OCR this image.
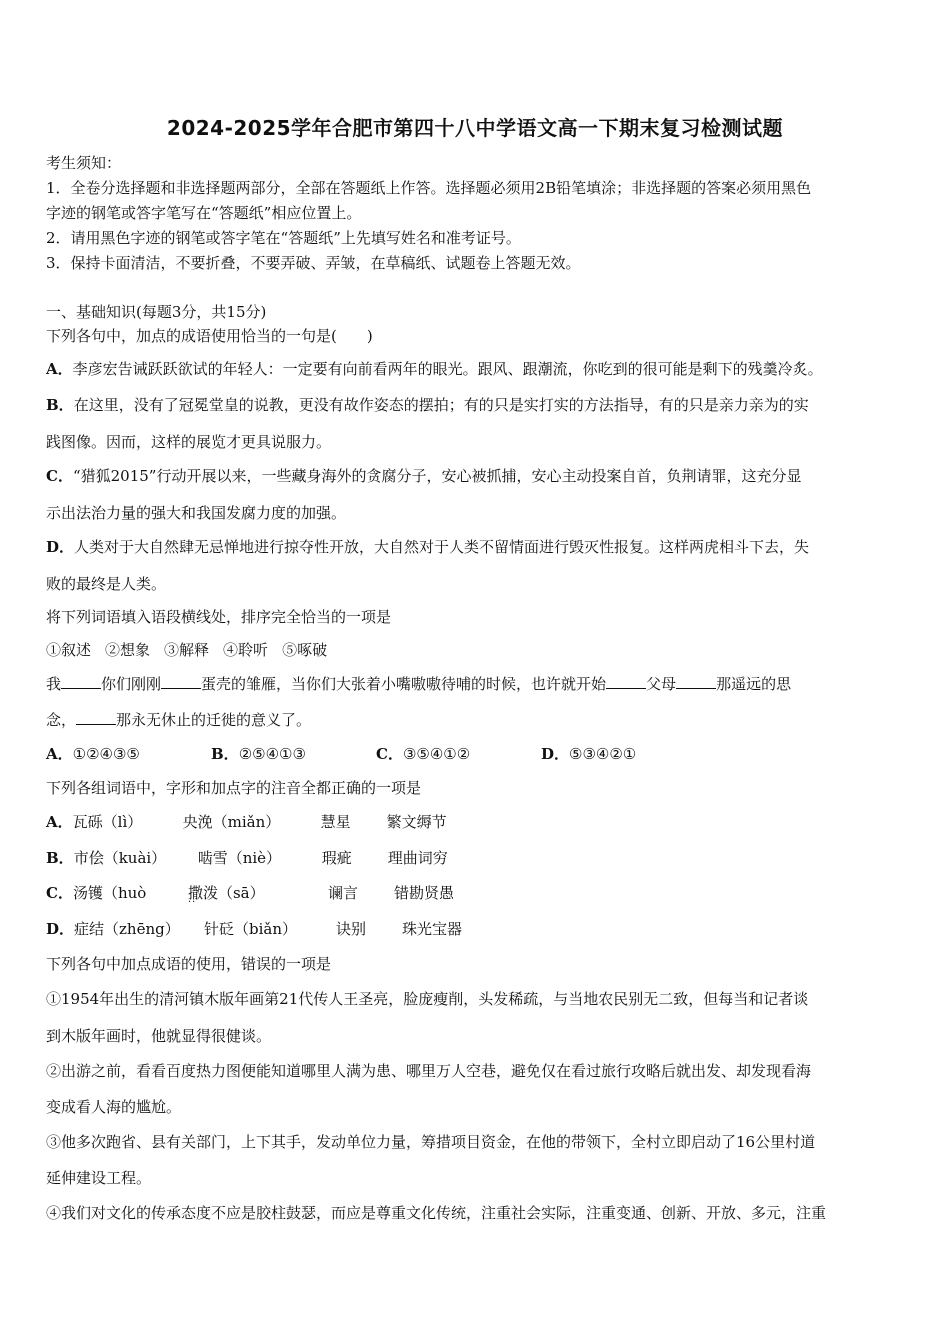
2024-2025学年合肥市第四十八中学语文高一下期末复习检测试题
考生须知：
1．全卷分选择题和非选择题两部分，全部在答题纸上作答。选择题必须用2B铅笔填涂；非选择题的答案必须用黑色
字迹的钢笔或答字笔写在“答题纸”相应位置上。
2．请用黑色字迹的钢笔或答字笔在“答题纸”上先填写姓名和准考证号。
3．保持卡面清洁，不要折叠，不要弄破、弄皱，在草稿纸、试题卷上答题无效。
一、基础知识(每题3分，共15分)
下列各句中，加点的成语使用恰当的一句是(　　)
A．李彦宏告诫跃跃欲试的年轻人：一定要有向前看两年的眼光。跟风、跟潮流，你吃到的很可能是剩下的残羹冷炙。
B．在这里，没有了冠冕堂皇的说教，更没有故作姿态的摆拍；有的只是实打实的方法指导，有的只是亲力亲为的实
践图像。因而，这样的展览才更具说服力。
C．“猎狐2015”行动开展以来，一些藏身海外的贪腐分子，安心被抓捕，安心主动投案自首，负荆请罪，这充分显
示出法治力量的强大和我国发腐力度的加强。
D．人类对于大自然肆无忌惮地进行掠夺性开放，大自然对于人类不留情面进行毁灭性报复。这样两虎相斗下去，失
败的最终是人类。
将下列词语填入语段横线处，排序完全恰当的一项是
①叙述 ②想象 ③解释 ④聆听 ⑤啄破
我	你们刚刚	蛋壳的雏雁，当你们大张着小嘴嗷嗷待哺的时候，也许就开始	父母	那遥远的思
念，	那永无休止的迁徙的意义了。
A．①②④③⑤	B．②⑤④①③	C．③⑤④①②	D．⑤③④②①
下列各组词语中，字形和加点字的注音全都正确的一项是
A．瓦砾（lì）	央浼（miǎn）	慧星 繁文缛节
B．市侩（kuài） 啮雪（niè）	瑕疵 理曲词穷
C．汤镬（huò	撒泼（sā） ··	谰言 错勘贤愚
D．症结（zhēng） 针砭（biǎn）	诀别 珠光宝器
下列各句中加点成语的使用，错误的一项是
①1954年出生的清河镇木版年画第21代传人王圣亮，脸庞瘦削，头发稀疏，与当地农民别无二致，但每当和记者谈
到木版年画时，他就显得很健谈。
②出游之前，看看百度热力图便能知道哪里人满为患、哪里万人空巷，避免仅在看过旅行攻略后就出发、却发现看海
变成看人海的尴尬。
③他多次跑省、县有关部门，上下其手，发动单位力量，筹措项目资金，在他的带领下，全村立即启动了16公里村道
延伸建设工程。
④我们对文化的传承态度不应是胶柱鼓瑟，而应是尊重文化传统，注重社会实际，注重变通、创新、开放、多元，注重
